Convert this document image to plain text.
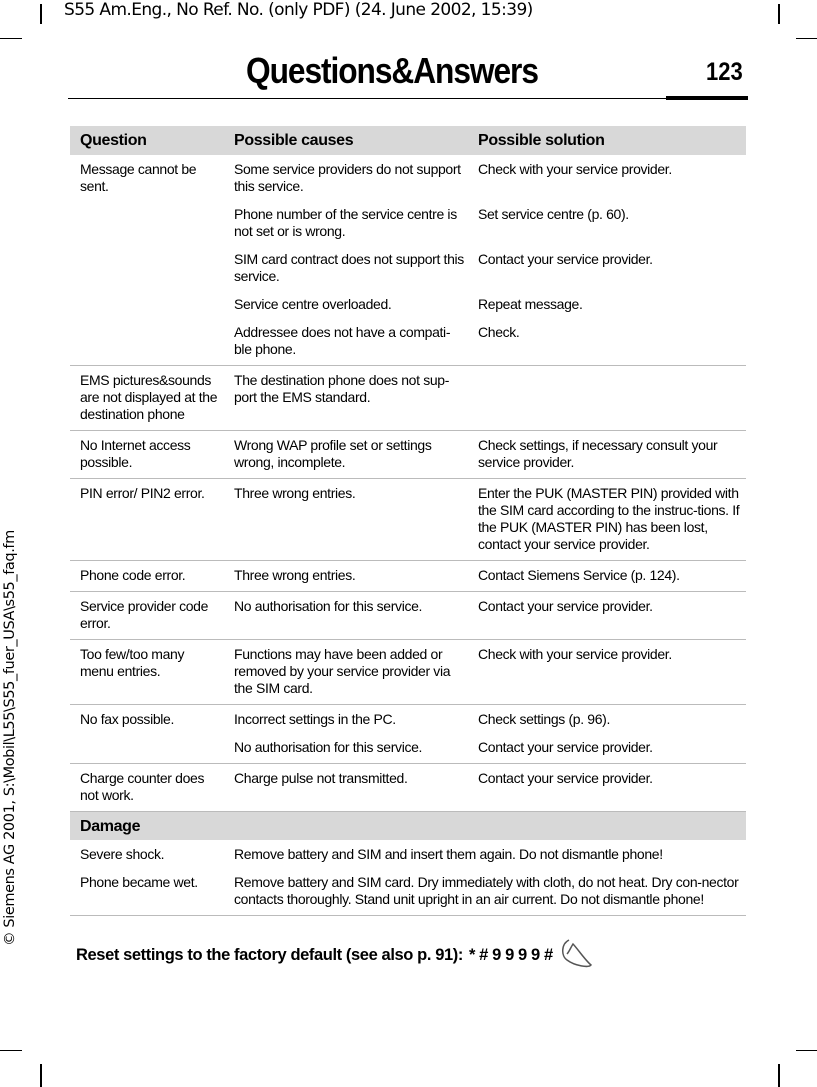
S55 Am.Eng., No Ref. No. (only PDF) (24. June 2002, 15:39)
© Siemens AG 2001, S:\Mobil\L55\S55_fuer_USA\s55_faq.fm
Questions&Answers	123
Question	Possible causes	Possible solution
Message cannot be sent.	Some service providers do not support this service.	Check with your service provider.
	Phone number of the service centre is not set or is wrong.	Set service centre (p. 60).
	SIM card contract does not support this service.	Contact your service provider.
	Service centre overloaded.	Repeat message.
	Addressee does not have a compati-ble phone.	Check.
EMS pictures&sounds are not displayed at the destination phone	The destination phone does not sup-port the EMS standard.	
No Internet access possible.	Wrong WAP profile set or settings wrong, incomplete.	Check settings, if necessary consult your service provider.
PIN error/ PIN2 error.	Three wrong entries.	Enter the PUK (MASTER PIN) provided with the SIM card according to the instruc-tions. If the PUK (MASTER PIN) has been lost, contact your service provider.
Phone code error.	Three wrong entries.	Contact Siemens Service (p. 124).
Service provider code error.	No authorisation for this service.	Contact your service provider.
Too few/too many menu entries.	Functions may have been added or removed by your service provider via the SIM card.	Check with your service provider.
No fax possible.	Incorrect settings in the PC.	Check settings (p. 96).
	No authorisation for this service.	Contact your service provider.
Charge counter does not work.	Charge pulse not transmitted.	Contact your service provider.
Damage		
Severe shock.	Remove battery and SIM and insert them again. Do not dismantle phone!	
Phone became wet.	Remove battery and SIM card. Dry immediately with cloth, do not heat. Dry con-nector contacts thoroughly. Stand unit upright in an air current. Do not dismantle phone!	
Reset settings to the factory default (see also p. 91): * # 9 9 9 9 #
